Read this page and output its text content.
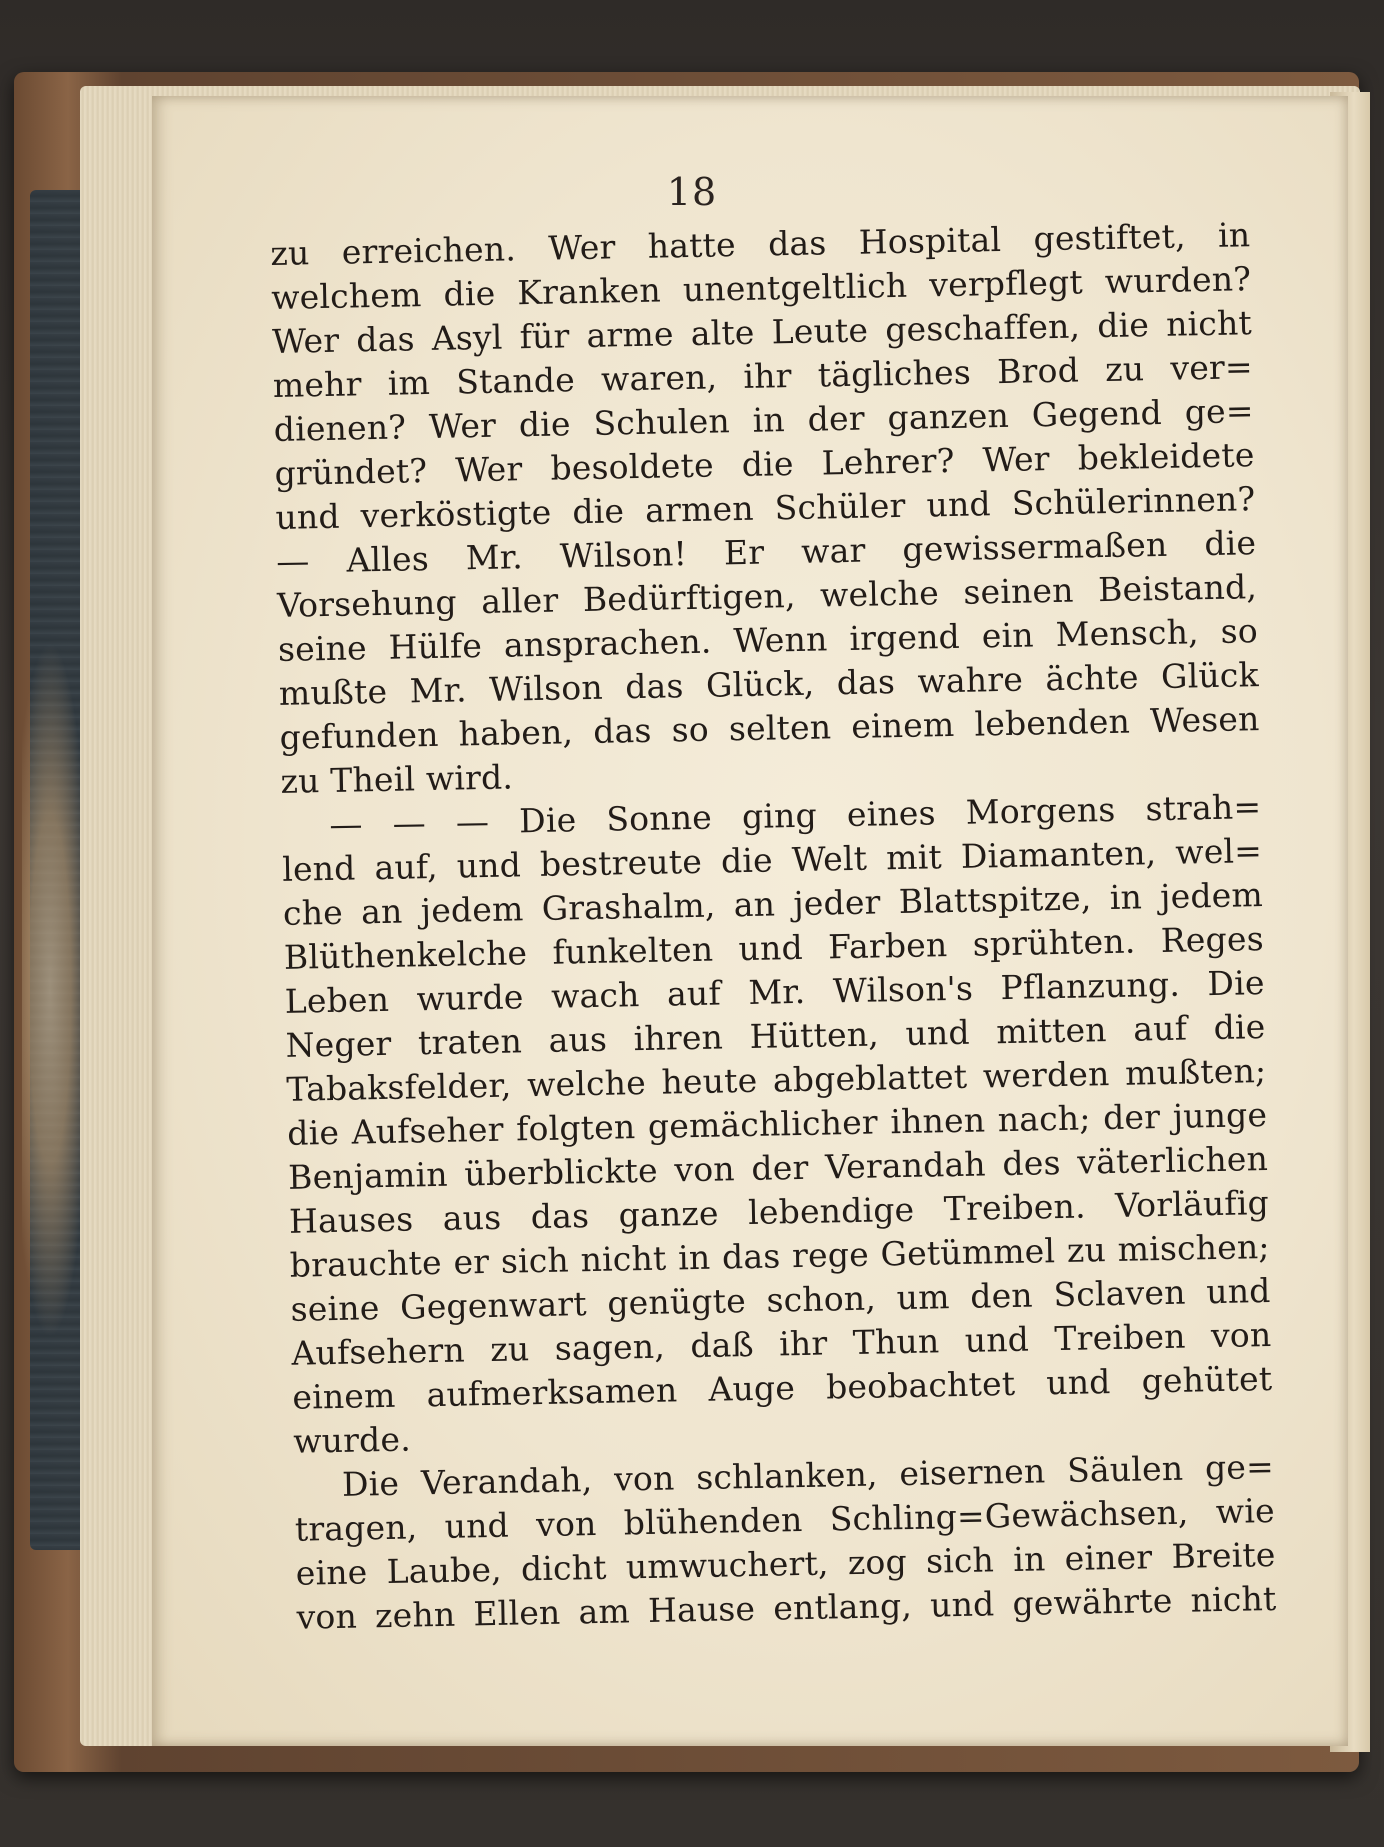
18
zu erreichen. Wer hatte das Hospital gestiftet, in
welchem die Kranken unentgeltlich verpflegt wurden?
Wer das Asyl für arme alte Leute geschaffen, die nicht
mehr im Stande waren, ihr tägliches Brod zu ver=
dienen? Wer die Schulen in der ganzen Gegend ge=
gründet? Wer besoldete die Lehrer? Wer bekleidete
und verköstigte die armen Schüler und Schülerinnen?
— Alles Mr. Wilson! Er war gewissermaßen die
Vorsehung aller Bedürftigen, welche seinen Beistand,
seine Hülfe ansprachen. Wenn irgend ein Mensch, so
mußte Mr. Wilson das Glück, das wahre ächte Glück
gefunden haben, das so selten einem lebenden Wesen
zu Theil wird.
— — — Die Sonne ging eines Morgens strah=
lend auf, und bestreute die Welt mit Diamanten, wel=
che an jedem Grashalm, an jeder Blattspitze, in jedem
Blüthenkelche funkelten und Farben sprühten. Reges
Leben wurde wach auf Mr. Wilson's Pflanzung. Die
Neger traten aus ihren Hütten, und mitten auf die
Tabaksfelder, welche heute abgeblattet werden mußten;
die Aufseher folgten gemächlicher ihnen nach; der junge
Benjamin überblickte von der Verandah des väterlichen
Hauses aus das ganze lebendige Treiben. Vorläufig
brauchte er sich nicht in das rege Getümmel zu mischen;
seine Gegenwart genügte schon, um den Sclaven und
Aufsehern zu sagen, daß ihr Thun und Treiben von
einem aufmerksamen Auge beobachtet und gehütet
wurde.
Die Verandah, von schlanken, eisernen Säulen ge=
tragen, und von blühenden Schling=Gewächsen, wie
eine Laube, dicht umwuchert, zog sich in einer Breite
von zehn Ellen am Hause entlang, und gewährte nicht
